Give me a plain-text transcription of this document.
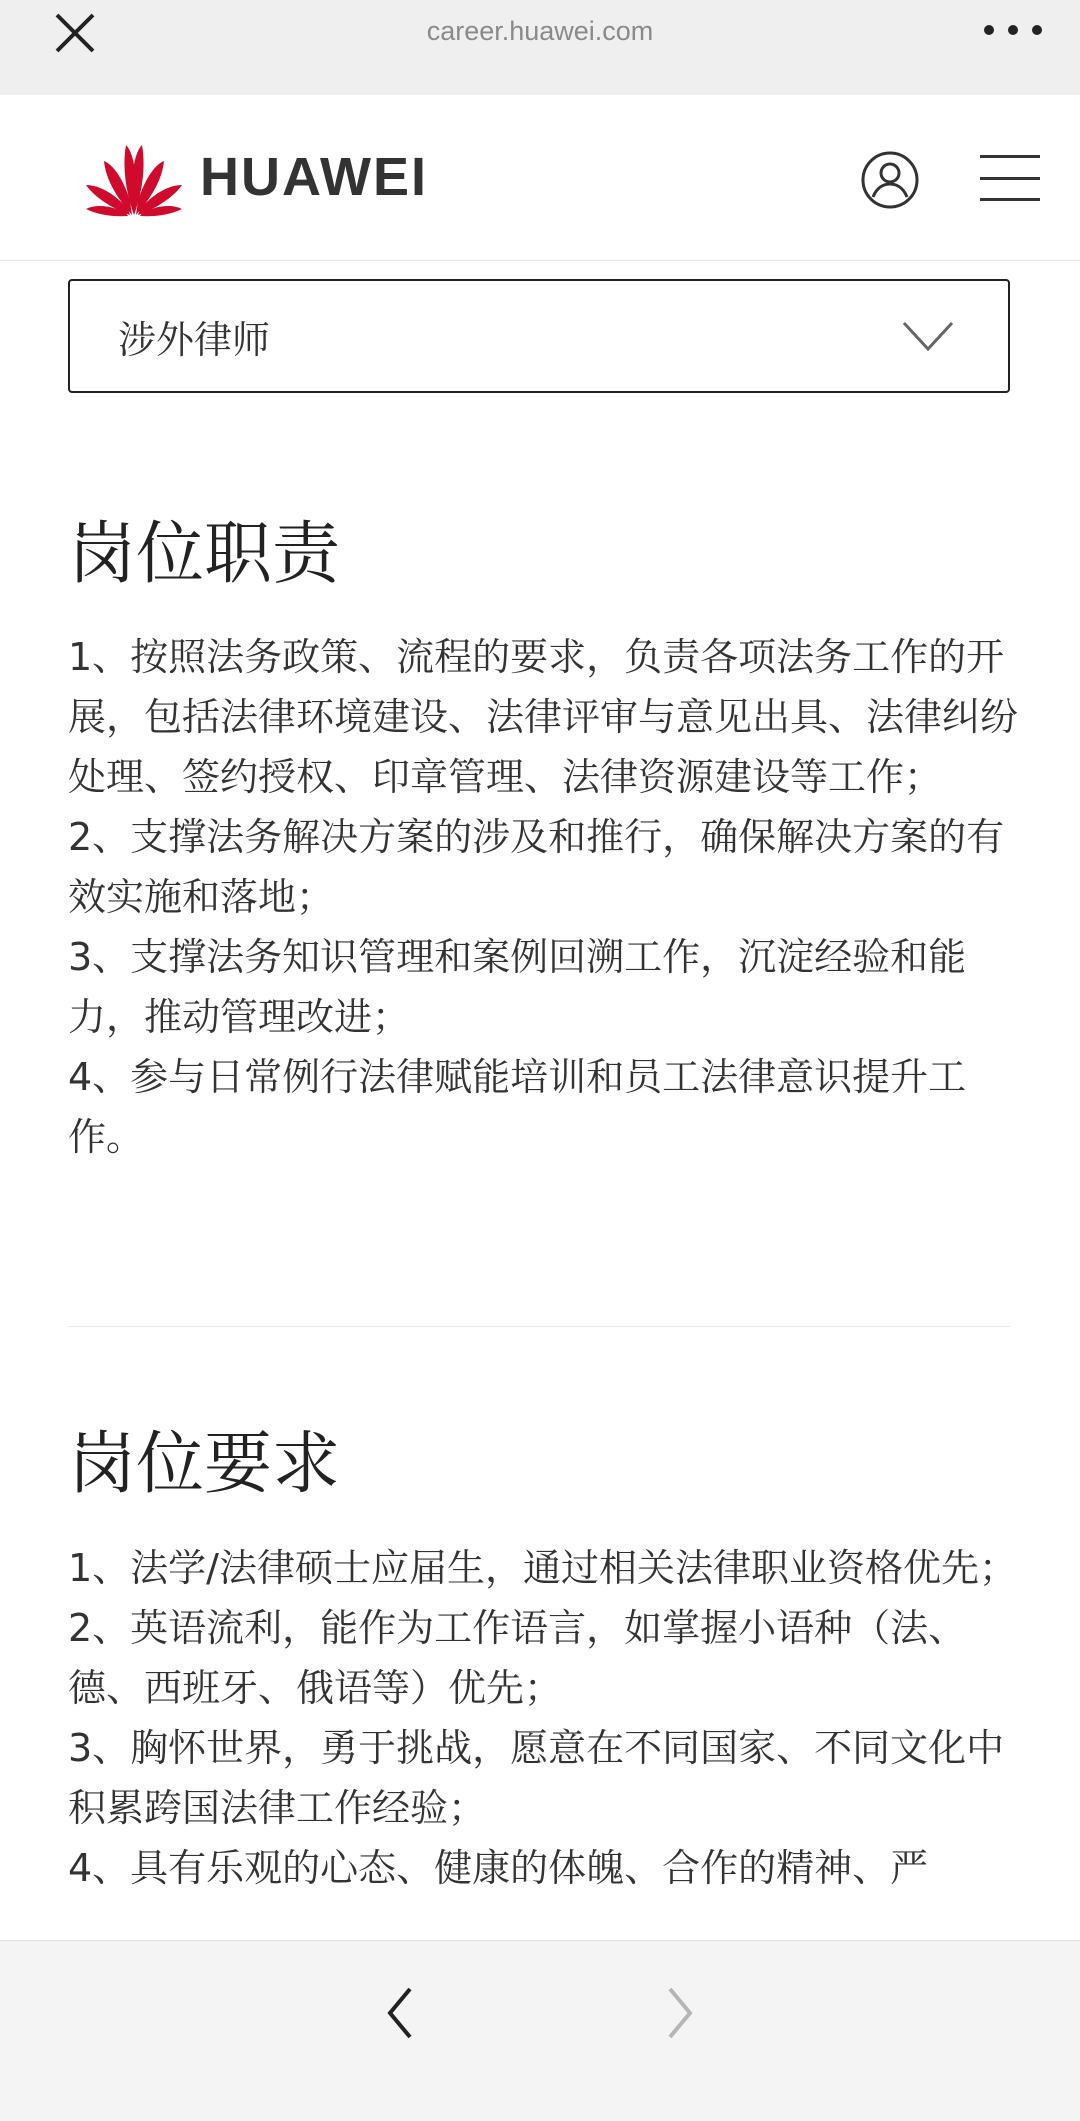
career.huawei.com
HUAWEI
涉外律师
岗位职责

1、按照法务政策、流程的要求，负责各项法务工作的开展，包括法律环境建设、法律评审与意见出具、法律纠纷处理、签约授权、印章管理、法律资源建设等工作；

2、支撑法务解决方案的涉及和推行，确保解决方案的有效实施和落地；

3、支撑法务知识管理和案例回溯工作，沉淀经验和能力，推动管理改进；

4、参与日常例行法律赋能培训和员工法律意识提升工作。

岗位要求

1、法学/法律硕士应届生，通过相关法律职业资格优先；

2、英语流利，能作为工作语言，如掌握小语种（法、德、西班牙、俄语等）优先；

3、胸怀世界，勇于挑战，愿意在不同国家、不同文化中积累跨国法律工作经验；

4、具有乐观的心态、健康的体魄、合作的精神、严
